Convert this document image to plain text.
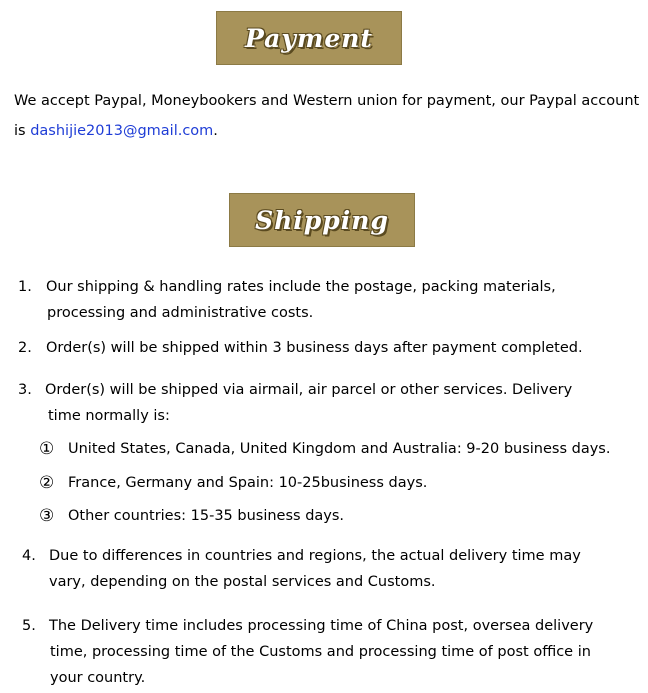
Payment

We accept Paypal, Moneybookers and Western union for payment, our Paypal account is dashijie2013@gmail.com.

Shipping
1. Our shipping & handling rates include the postage, packing materials,
processing and administrative costs.
2. Order(s) will be shipped within 3 business days after payment completed.
3. Order(s) will be shipped via airmail, air parcel or other services. Delivery
time normally is:
① United States, Canada, United Kingdom and Australia: 9-20 business days.
② France, Germany and Spain: 10-25business days.
③ Other countries: 15-35 business days.
4. Due to differences in countries and regions, the actual delivery time may
vary, depending on the postal services and Customs.
5. The Delivery time includes processing time of China post, oversea delivery
time, processing time of the Customs and processing time of post office in
your country.
